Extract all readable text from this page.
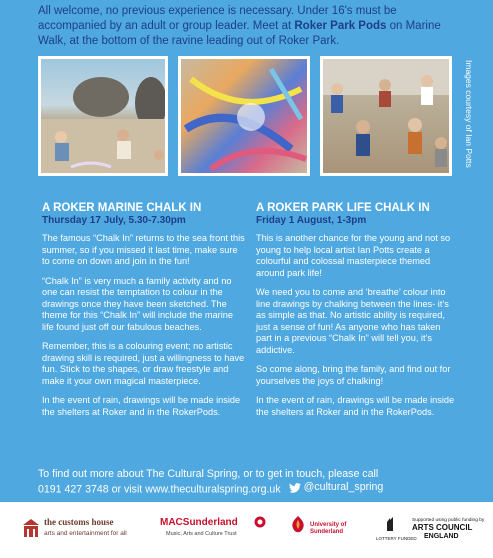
All welcome, no previous experience is necessary. Under 16's must be accompanied by an adult or group leader. Meet at Roker Park Pods on Marine Walk, at the bottom of the ravine leading out of Roker Park.
Images courtesy of Ian Potts
A ROKER MARINE CHALK IN
Thursday 17 July, 5.30-7.30pm

The famous “Chalk In” returns to the sea front this summer, so if you missed it last time, make sure to come on down and join in the fun!

“Chalk In” is very much a family activity and no one can resist the temptation to colour in the drawings once they have been sketched. The theme for this “Chalk In” will include the marine life found just off our fabulous beaches.

Remember, this is a colouring event; no artistic drawing skill is required, just a willingness to have fun. Stick to the shapes, or draw freestyle and make it your own magical masterpiece.

In the event of rain, drawings will be made inside the shelters at Roker and in the RokerPods.

A ROKER PARK LIFE CHALK IN
Friday 1 August, 1-3pm

This is another chance for the young and not so young to help local artist Ian Potts create a colourful and colossal masterpiece themed around park life!

We need you to come and ‘breathe’ colour into line drawings by chalking between the lines- it’s as simple as that. No artistic ability is required, just a sense of fun! As anyone who has taken part in a previous “Chalk In” will tell you, it’s addictive.

So come along, bring the family, and find out for yourselves the joys of chalking!

In the event of rain, drawings will be made inside the shelters at Roker and in the RokerPods.

To find out more about The Cultural Spring, or to get in touch, please call
0191 427 3748 or visit www.theculturalspring.org.uk @cultural_spring
the customs house
arts and entertainment for all
MACSunderland
Music, Arts and Culture Trust
University of
Sunderland
LOTTERY FUNDED
Supported using public funding by
ARTS COUNCIL
ENGLAND
